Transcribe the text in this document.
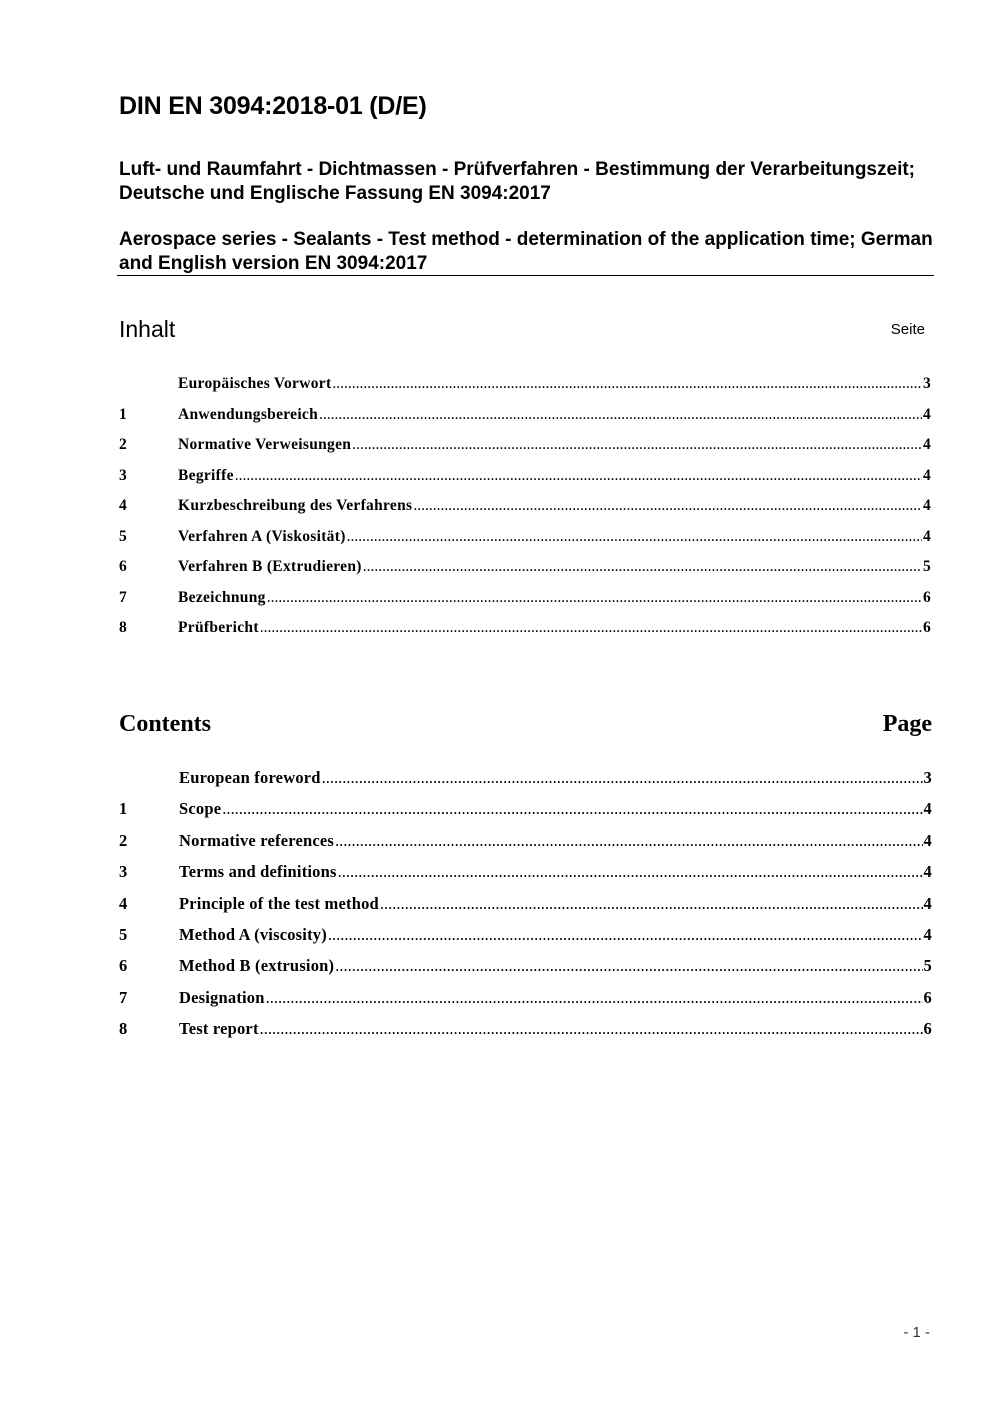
DIN EN 3094:2018-01 (D/E)

Luft- und Raumfahrt - Dichtmassen - Prüfverfahren - Bestimmung der Verarbeitungszeit; Deutsche und Englische Fassung EN 3094:2017

Aerospace series - Sealants - Test method - determination of the application time; German and English version EN 3094:2017

Inhalt	Seite
Europäisches Vorwort .....	3
1	Anwendungsbereich .....	4
2	Normative Verweisungen .....	4
3	Begriffe .....	4
4	Kurzbeschreibung des Verfahrens .....	4
5	Verfahren A (Viskosität) .....	4
6	Verfahren B (Extrudieren) .....	5
7	Bezeichnung .....	6
8	Prüfbericht .....	6
Contents	Page
European foreword .....	3
1	Scope .....	4
2	Normative references .....	4
3	Terms and definitions .....	4
4	Principle of the test method .....	4
5	Method A (viscosity) .....	4
6	Method B (extrusion) .....	5
7	Designation .....	6
8	Test report .....	6
- 1 -
